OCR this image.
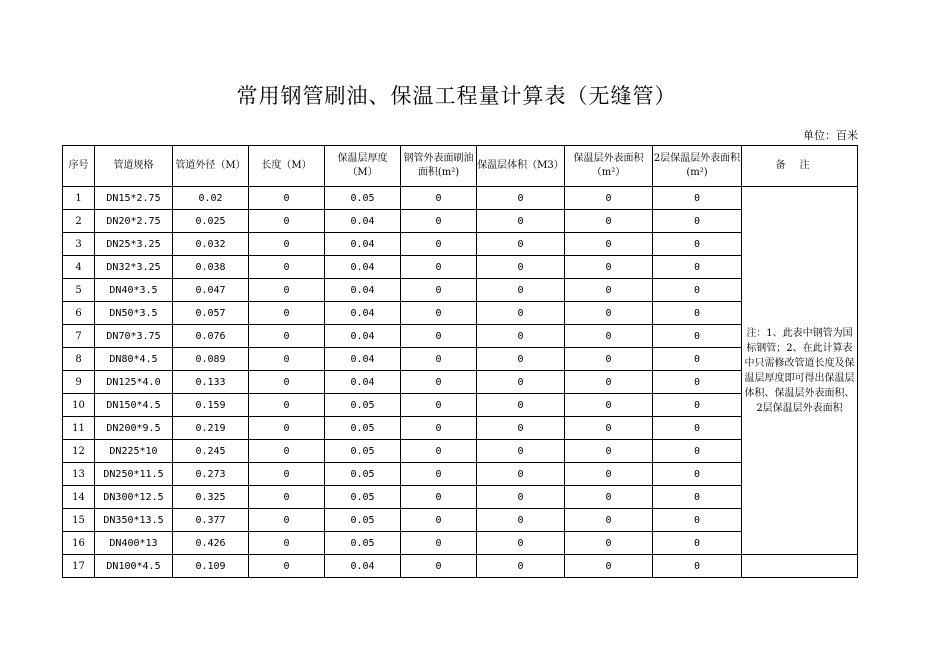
常用钢管刷油、保温工程量计算表（无缝管）
单位：百米
序号	管道规格	管道外径（M）	长度（M）	保温层厚度（M）	钢管外表面刷油面积(m²)	保温层体积（M3）	保温层外表面积（m²）	2层保温层外表面积(m²)	备注
1	DN15*2.75	0.02	0	0.05	0	0	0	0	注：1、此表中钢管为国标钢管；2、在此计算表中只需修改管道长度及保温层厚度即可得出保温层体积、保温层外表面积、2层保温层外表面积
2	DN20*2.75	0.025	0	0.04	0	0	0	0	
3	DN25*3.25	0.032	0	0.04	0	0	0	0	
4	DN32*3.25	0.038	0	0.04	0	0	0	0	
5	DN40*3.5	0.047	0	0.04	0	0	0	0	
6	DN50*3.5	0.057	0	0.04	0	0	0	0	
7	DN70*3.75	0.076	0	0.04	0	0	0	0	
8	DN80*4.5	0.089	0	0.04	0	0	0	0	
9	DN125*4.0	0.133	0	0.04	0	0	0	0	
10	DN150*4.5	0.159	0	0.05	0	0	0	0	
11	DN200*9.5	0.219	0	0.05	0	0	0	0	
12	DN225*10	0.245	0	0.05	0	0	0	0	
13	DN250*11.5	0.273	0	0.05	0	0	0	0	
14	DN300*12.5	0.325	0	0.05	0	0	0	0	
15	DN350*13.5	0.377	0	0.05	0	0	0	0	
16	DN400*13	0.426	0	0.05	0	0	0	0	
17	DN100*4.5	0.109	0	0.04	0	0	0	0	
